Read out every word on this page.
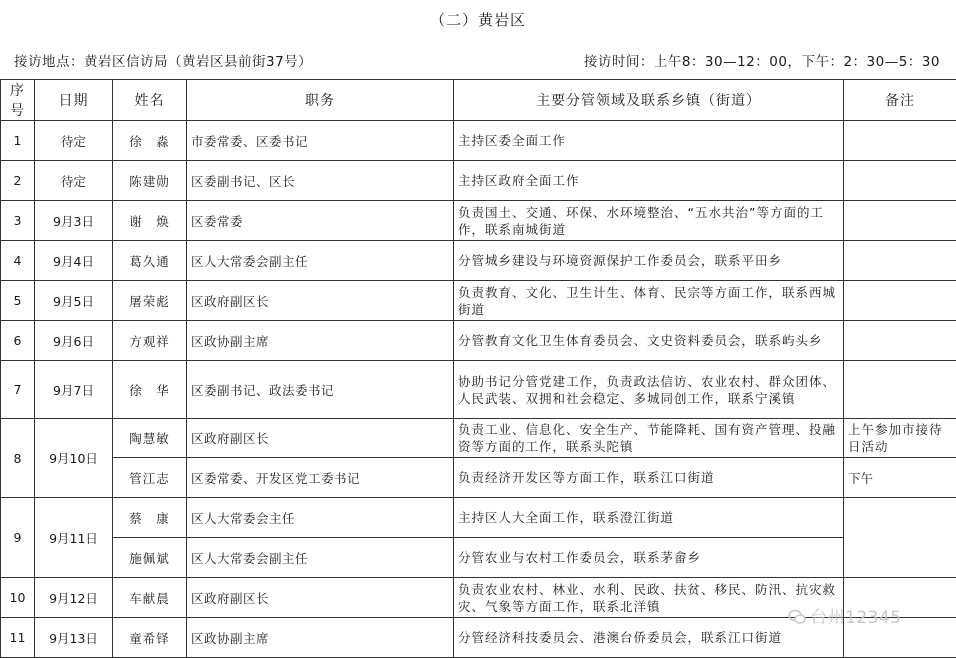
（二）黄岩区
接访地点：黄岩区信访局（黄岩区县前街37号）	接访时间：上午8：30—12：00，下午：2：30—5：30
序号	日期	姓名	职务	主要分管领域及联系乡镇（街道）	备注
1	待定	徐　淼	市委常委、区委书记	主持区委全面工作	
2	待定	陈建勋	区委副书记、区长	主持区政府全面工作	
3	9月3日	谢　焕	区委常委	负责国土、交通、环保、水环境整治、“五水共治”等方面的工作，联系南城街道	
4	9月4日	葛久通	区人大常委会副主任	分管城乡建设与环境资源保护工作委员会，联系平田乡	
5	9月5日	屠荣彪	区政府副区长	负责教育、文化、卫生计生、体育、民宗等方面工作，联系西城街道	
6	9月6日	方观祥	区政协副主席	分管教育文化卫生体育委员会、文史资料委员会，联系屿头乡	
7	9月7日	徐　华	区委副书记、政法委书记	协助书记分管党建工作，负责政法信访、农业农村、群众团体、人民武装、双拥和社会稳定、多城同创工作，联系宁溪镇	
8	9月10日	陶慧敏	区政府副区长	负责工业、信息化、安全生产、节能降耗、国有资产管理、投融资等方面的工作，联系头陀镇	上午参加市接待日活动
		管江志	区委常委、开发区党工委书记	负责经济开发区等方面工作，联系江口街道	下午
9	9月11日	蔡　康	区人大常委会主任	主持区人大全面工作，联系澄江街道	
		施佩斌	区人大常委会副主任	分管农业与农村工作委员会，联系茅畲乡	
10	9月12日	车献晨	区政府副区长	负责农业农村、林业、水利、民政、扶贫、移民、防汛、抗灾救灾、气象等方面工作，联系北洋镇	
11	9月13日	童希铎	区政协副主席	分管经济科技委员会、港澳台侨委员会，联系江口街道	
台州12345
